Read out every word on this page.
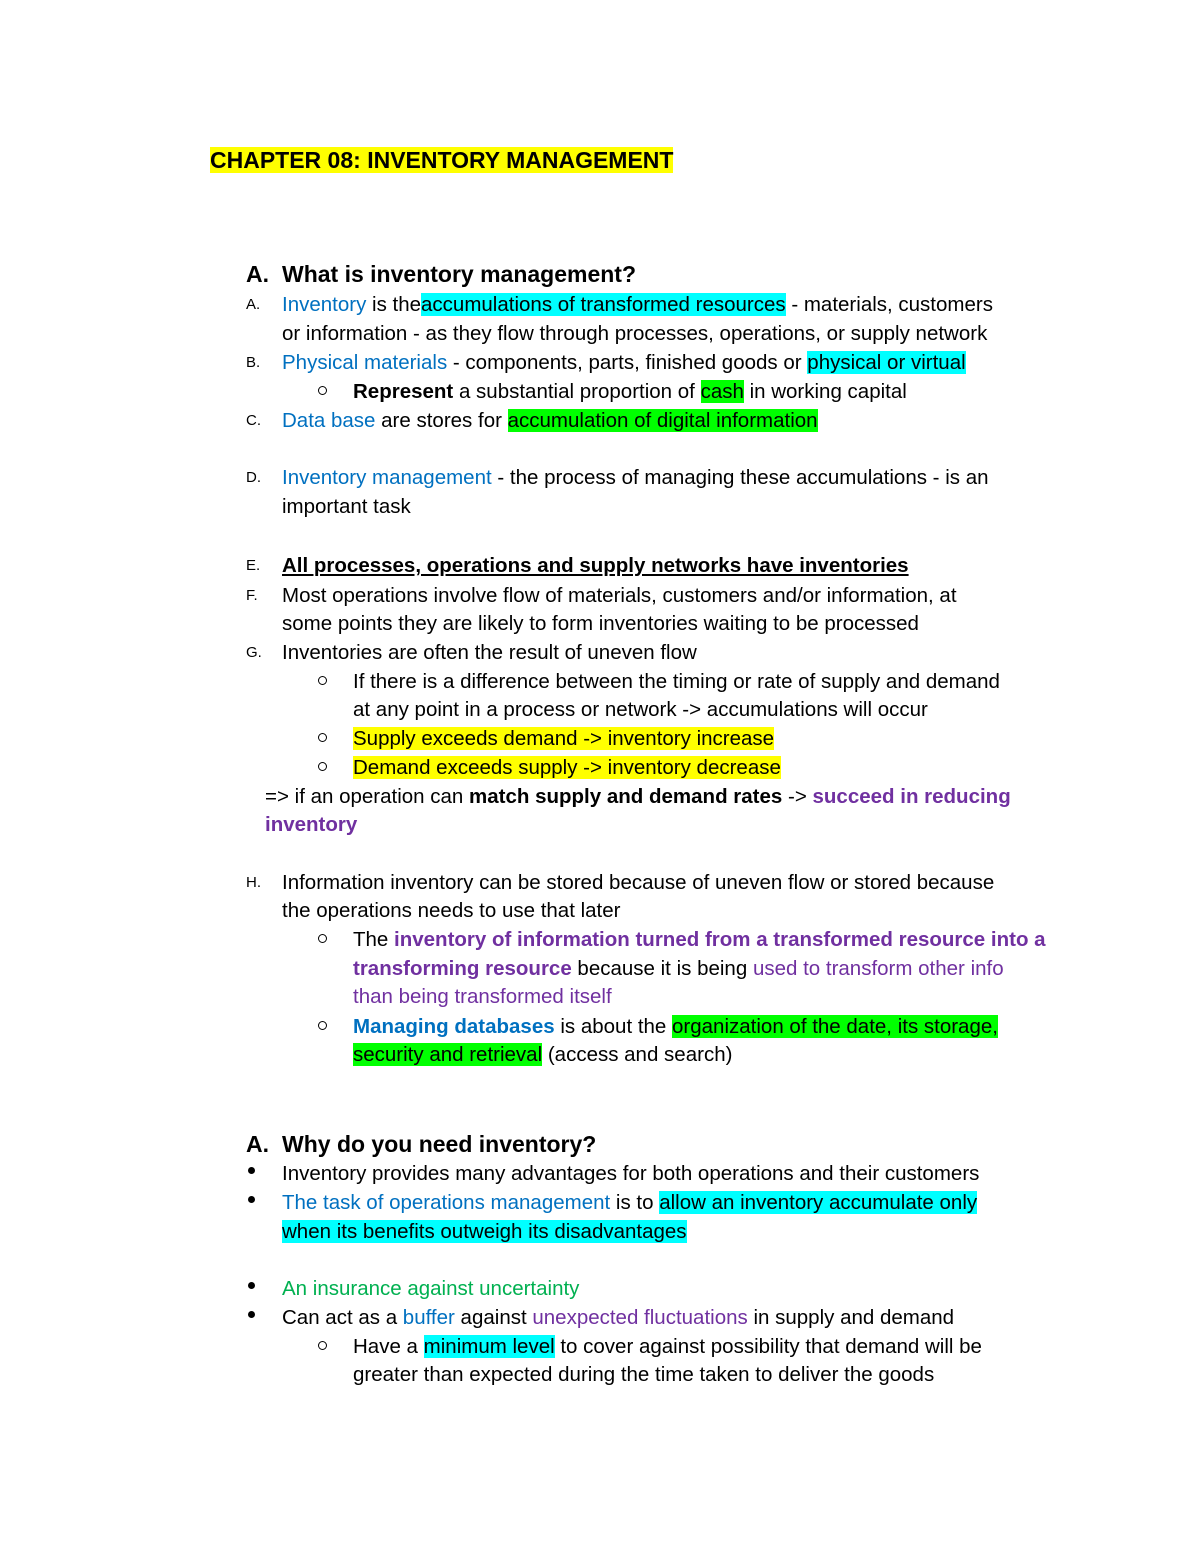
CHAPTER 08: INVENTORY MANAGEMENT
A. What is inventory management?
A. Inventory is theaccumulations of transformed resources - materials, customers
or information - as they flow through processes, operations, or supply network
B. Physical materials - components, parts, finished goods or physical or virtual
Represent a substantial proportion of cash in working capital
C. Data base are stores for accumulation of digital information
D. Inventory management - the process of managing these accumulations - is an
important task
E. All processes, operations and supply networks have inventories
F. Most operations involve flow of materials, customers and/or information, at
some points they are likely to form inventories waiting to be processed
G. Inventories are often the result of uneven flow
If there is a difference between the timing or rate of supply and demand
at any point in a process or network -> accumulations will occur
Supply exceeds demand -> inventory increase
Demand exceeds supply -> inventory decrease
=> if an operation can match supply and demand rates -> succeed in reducing
inventory
H. Information inventory can be stored because of uneven flow or stored because
the operations needs to use that later
The inventory of information turned from a transformed resource into a
transforming resource because it is being used to transform other info
than being transformed itself
Managing databases is about the organization of the date, its storage,
security and retrieval (access and search)
A. Why do you need inventory?
Inventory provides many advantages for both operations and their customers
The task of operations management is to allow an inventory accumulate only
when its benefits outweigh its disadvantages
An insurance against uncertainty
Can act as a buffer against unexpected fluctuations in supply and demand
Have a minimum level to cover against possibility that demand will be
greater than expected during the time taken to deliver the goods
